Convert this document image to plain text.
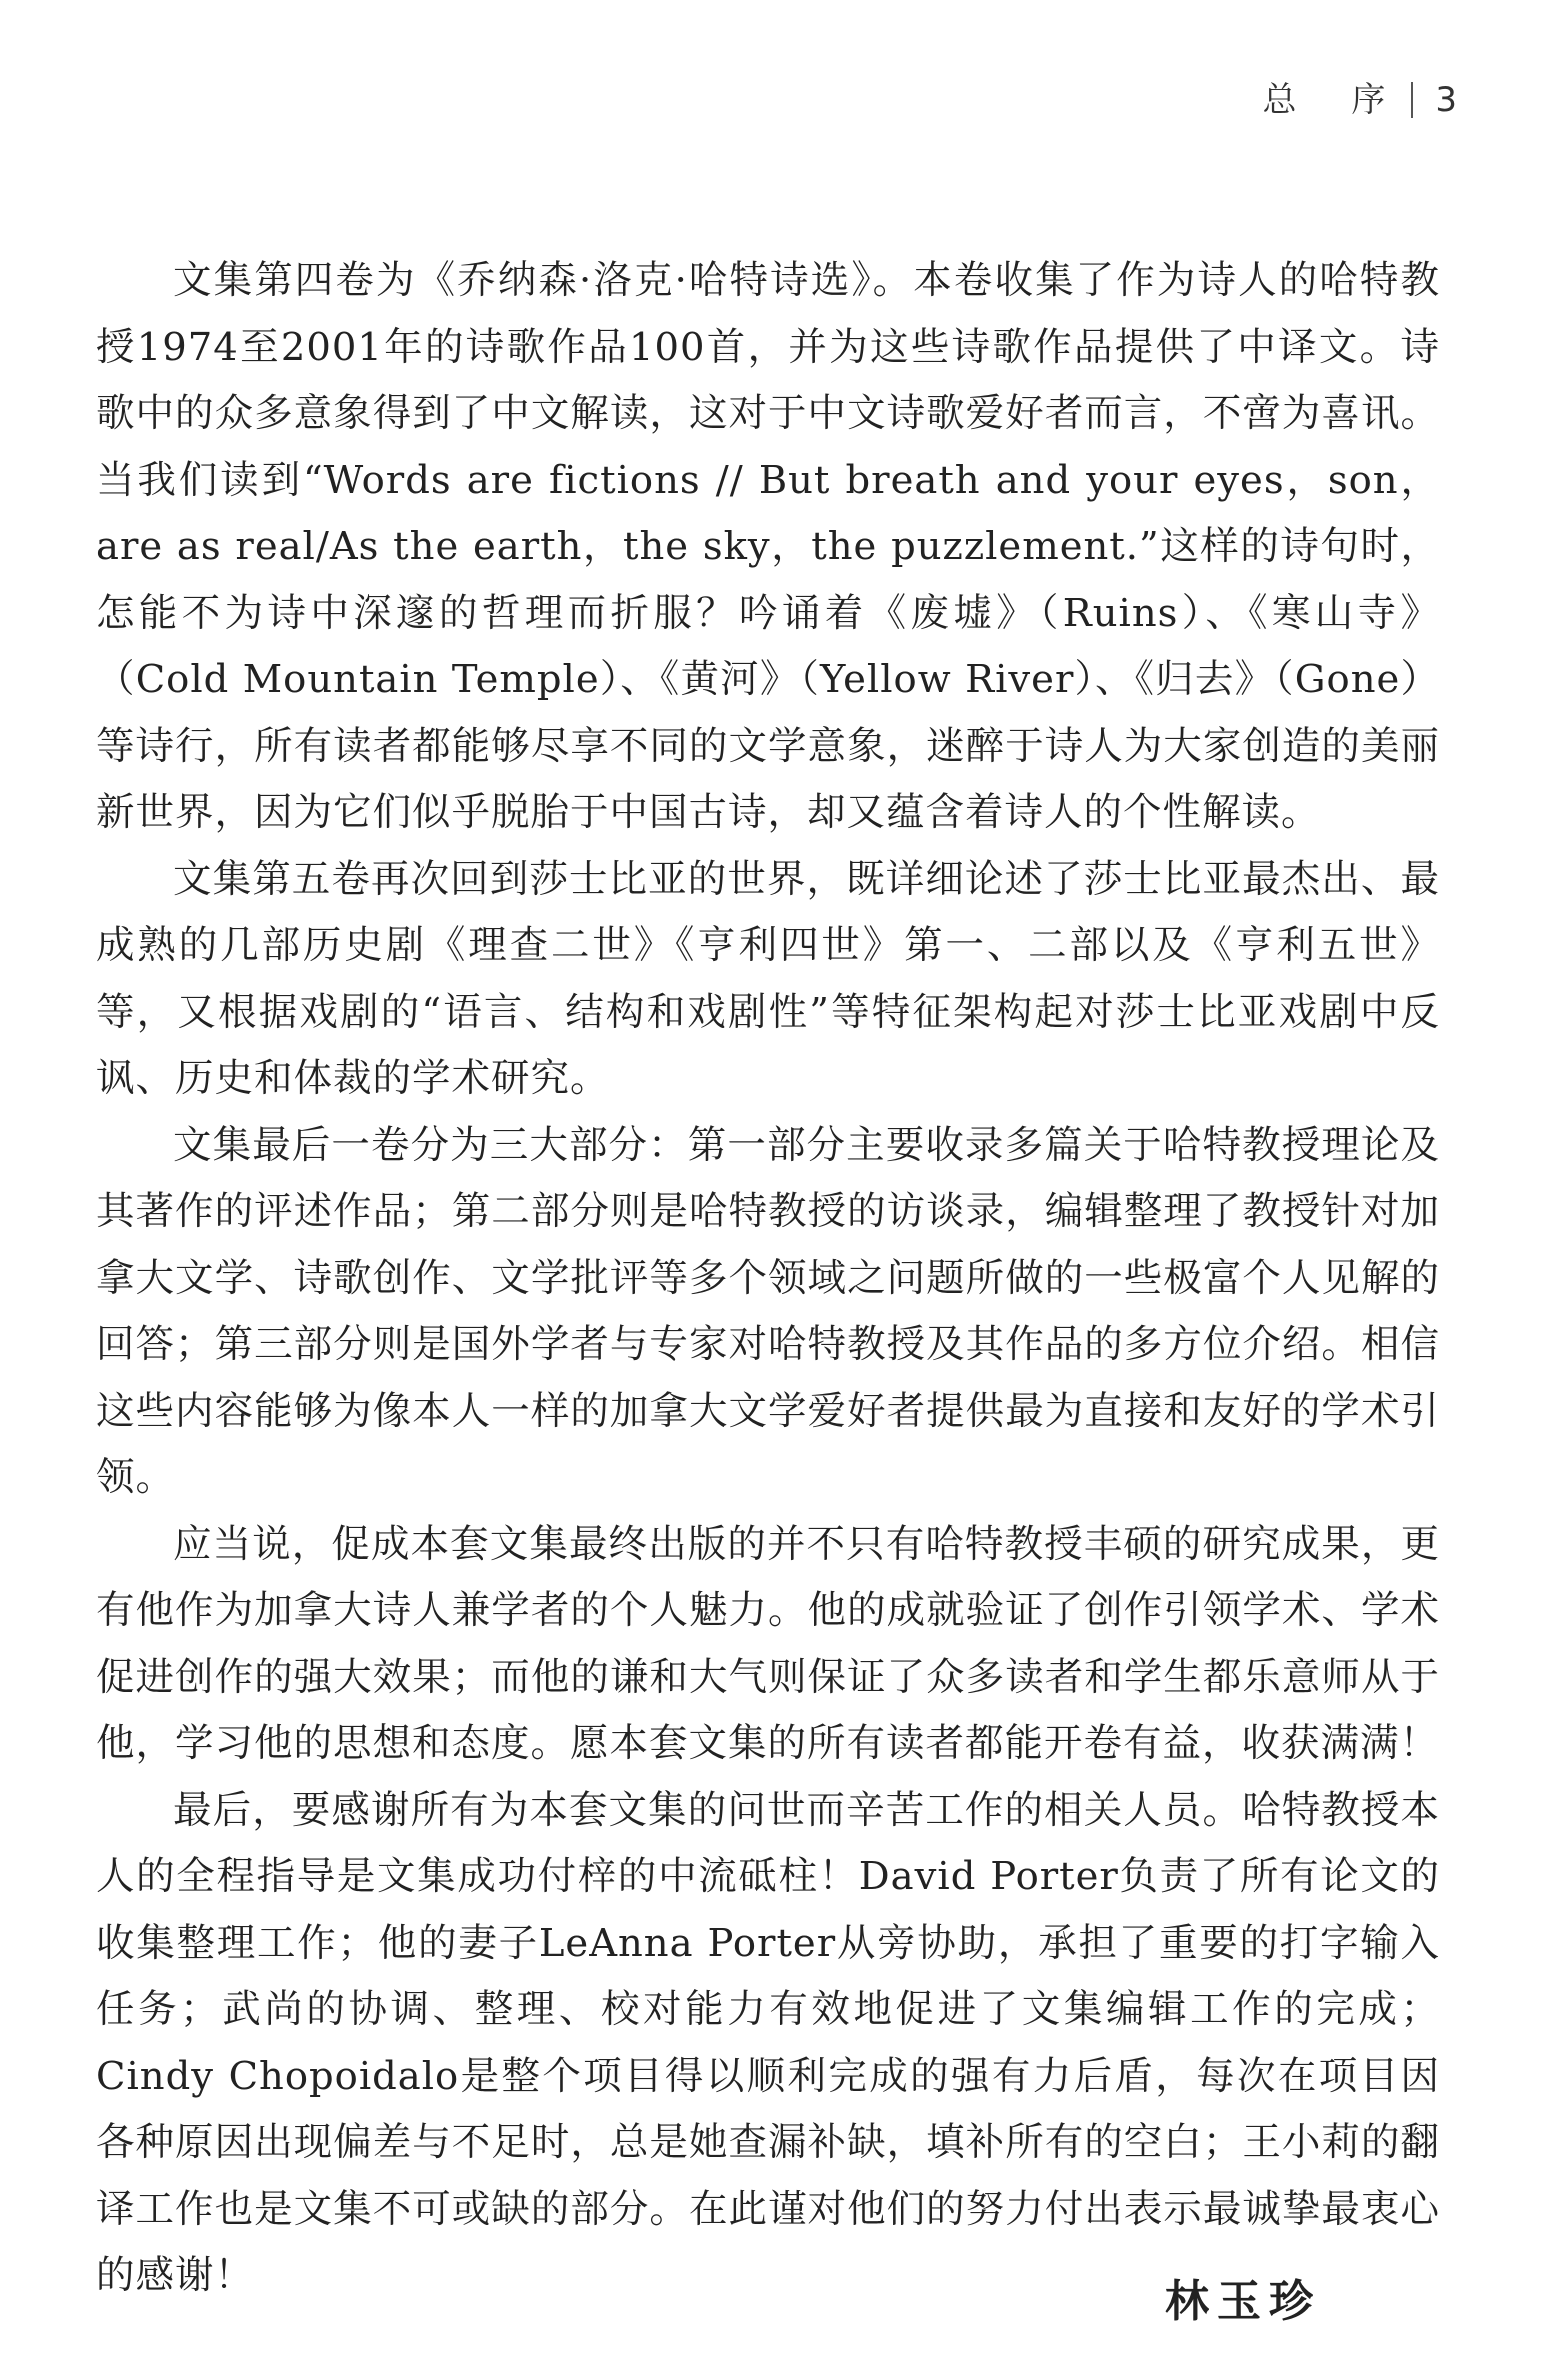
总 序 3

文集第四卷为《乔纳森·洛克·哈特诗选》。本卷收集了作为诗人的哈特教授1974至2001年的诗歌作品100首，并为这些诗歌作品提供了中译文。诗歌中的众多意象得到了中文解读，这对于中文诗歌爱好者而言，不啻为喜讯。当我们读到“Words are fictions // But breath and your eyes，son，are as real/As the earth，the sky，the puzzlement.”这样的诗句时，怎能不为诗中深邃的哲理而折服？吟诵着《废墟》（Ruins）、《寒山寺》（Cold Mountain Temple）、《黄河》（Yellow River）、《归去》（Gone）等诗行，所有读者都能够尽享不同的文学意象，迷醉于诗人为大家创造的美丽新世界，因为它们似乎脱胎于中国古诗，却又蕴含着诗人的个性解读。

文集第五卷再次回到莎士比亚的世界，既详细论述了莎士比亚最杰出、最成熟的几部历史剧《理查二世》《亨利四世》第一、二部以及《亨利五世》等，又根据戏剧的“语言、结构和戏剧性”等特征架构起对莎士比亚戏剧中反讽、历史和体裁的学术研究。

文集最后一卷分为三大部分：第一部分主要收录多篇关于哈特教授理论及其著作的评述作品；第二部分则是哈特教授的访谈录，编辑整理了教授针对加拿大文学、诗歌创作、文学批评等多个领域之问题所做的一些极富个人见解的回答；第三部分则是国外学者与专家对哈特教授及其作品的多方位介绍。相信这些内容能够为像本人一样的加拿大文学爱好者提供最为直接和友好的学术引领。

应当说，促成本套文集最终出版的并不只有哈特教授丰硕的研究成果，更有他作为加拿大诗人兼学者的个人魅力。他的成就验证了创作引领学术、学术促进创作的强大效果；而他的谦和大气则保证了众多读者和学生都乐意师从于他，学习他的思想和态度。愿本套文集的所有读者都能开卷有益，收获满满！

最后，要感谢所有为本套文集的问世而辛苦工作的相关人员。哈特教授本人的全程指导是文集成功付梓的中流砥柱！David Porter负责了所有论文的收集整理工作；他的妻子LeAnna Porter从旁协助，承担了重要的打字输入任务；武尚的协调、整理、校对能力有效地促进了文集编辑工作的完成；Cindy Chopoidalo是整个项目得以顺利完成的强有力后盾，每次在项目因各种原因出现偏差与不足时，总是她查漏补缺，填补所有的空白；王小莉的翻译工作也是文集不可或缺的部分。在此谨对他们的努力付出表示最诚挚最衷心的感谢！

林玉珍
